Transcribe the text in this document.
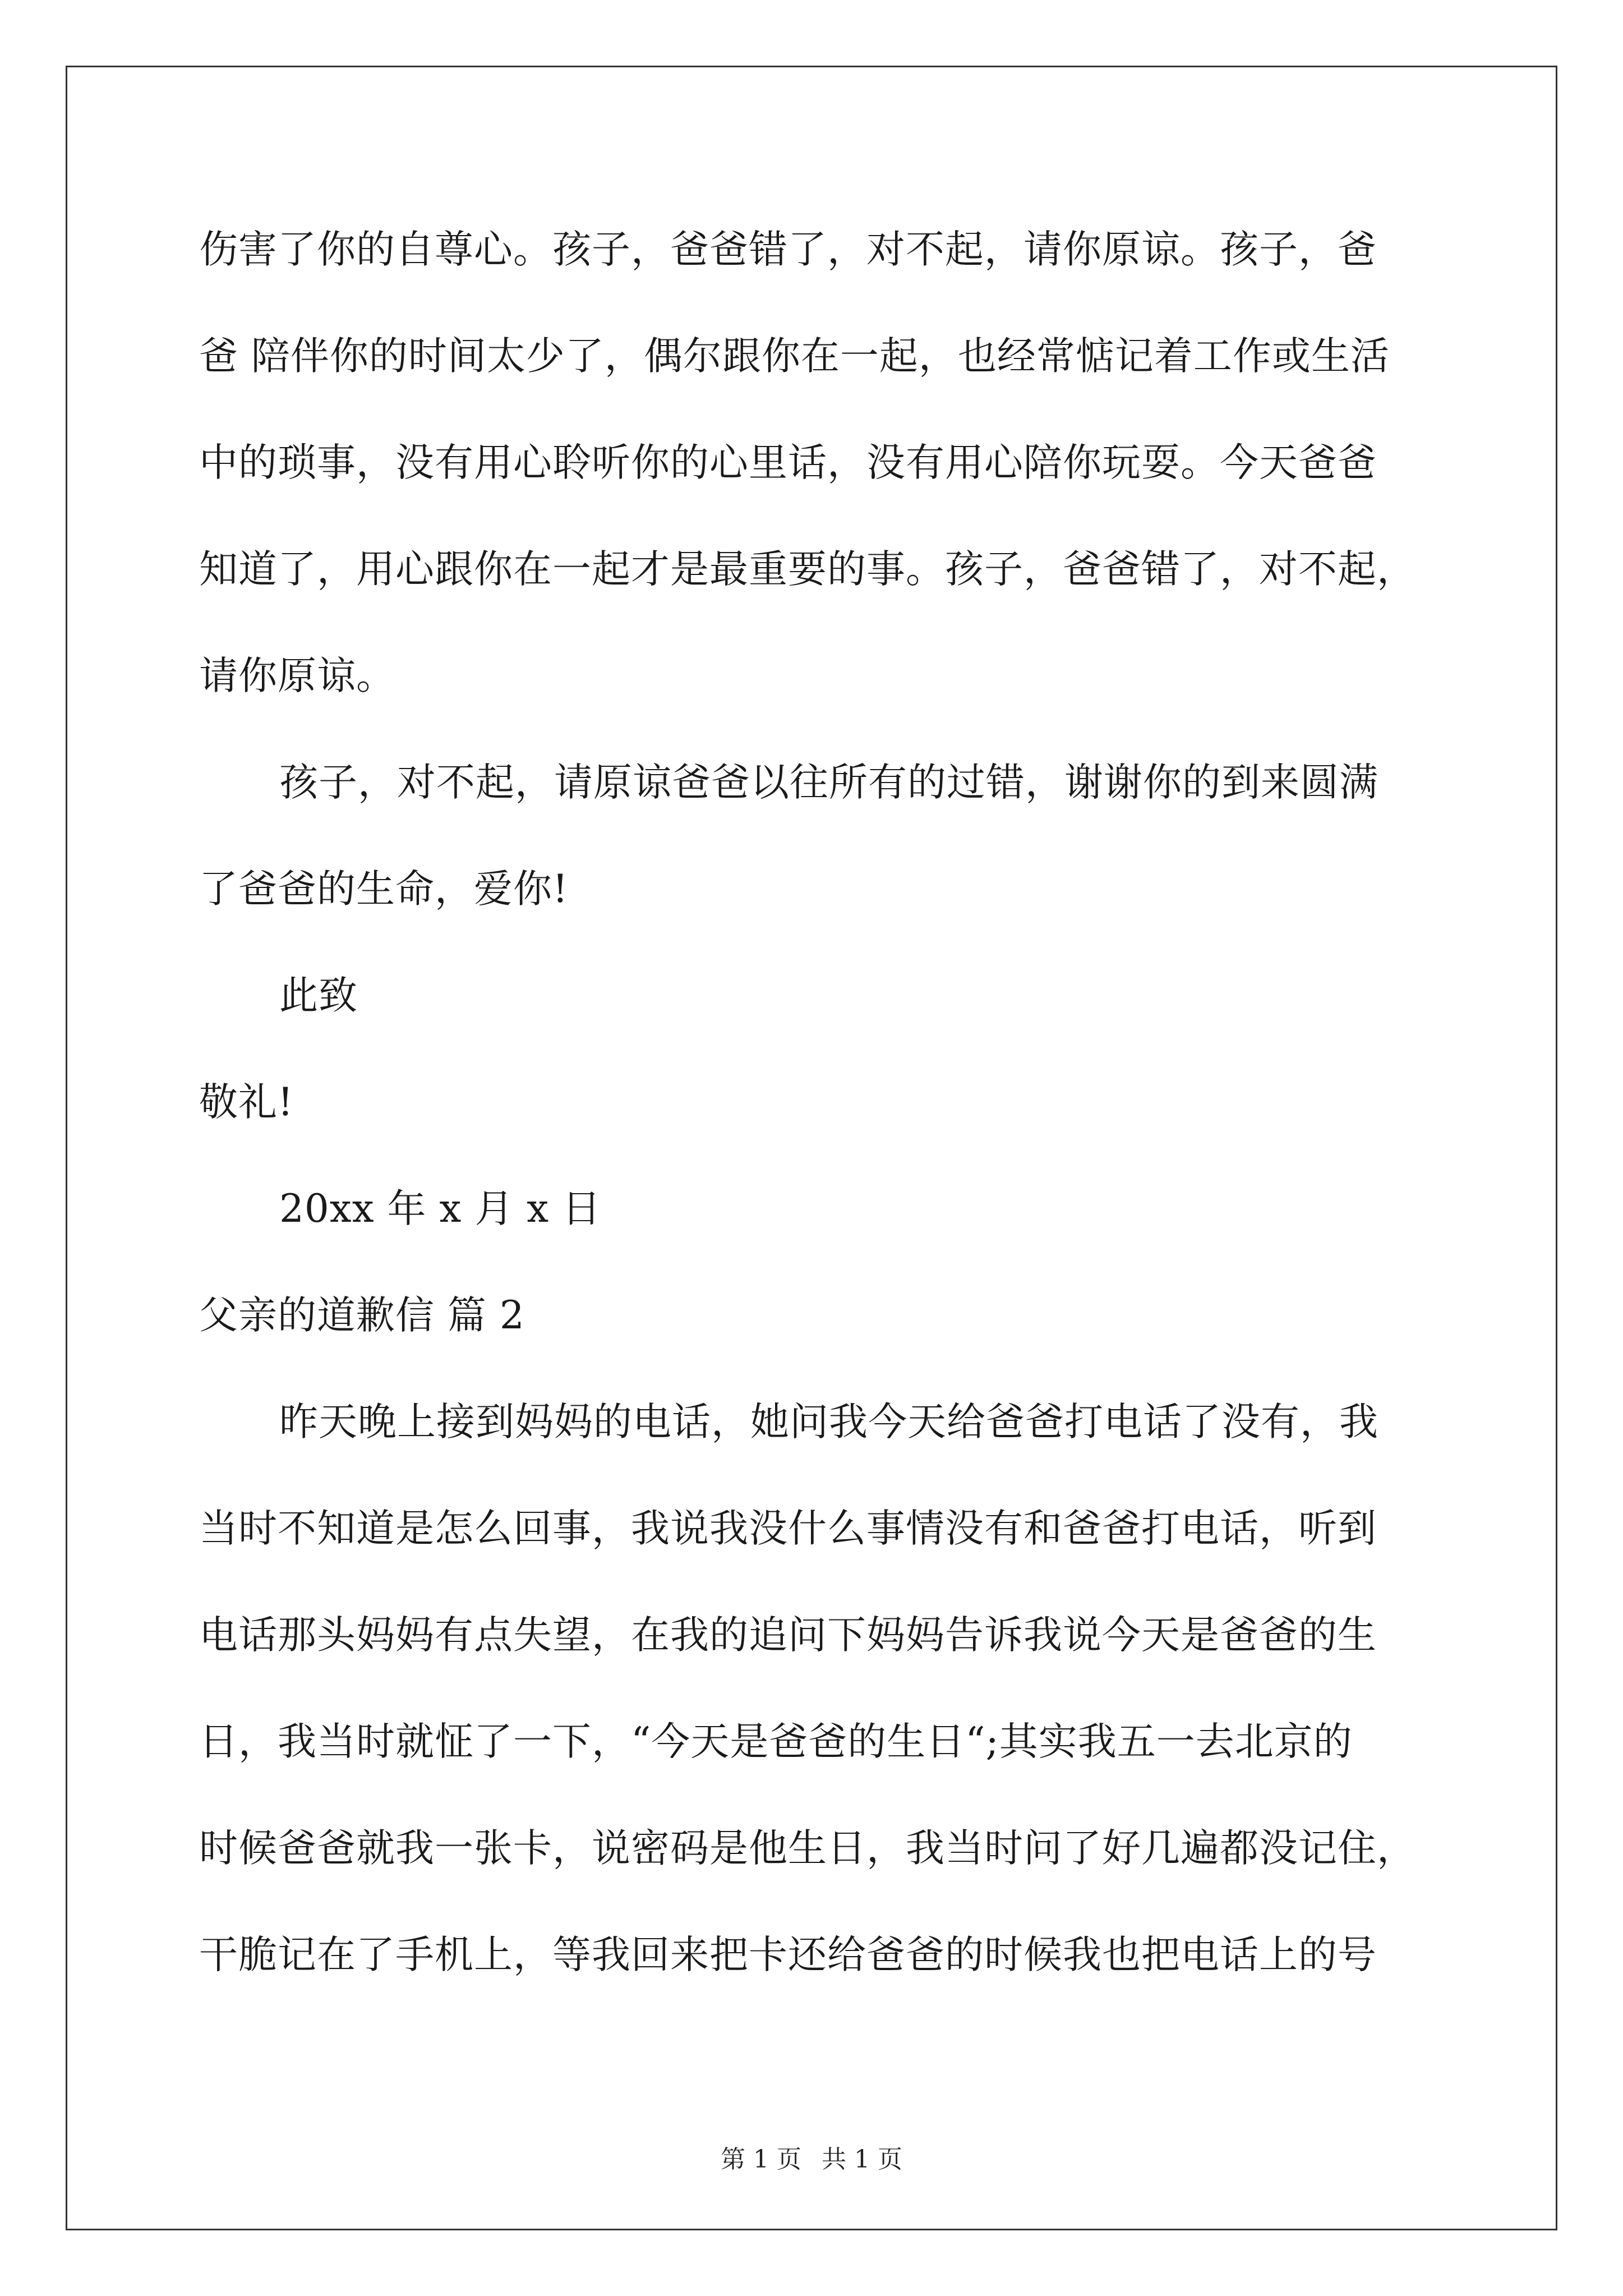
伤害了你的自尊心。孩子，爸爸错了，对不起，请你原谅。孩子，爸
爸 陪伴你的时间太少了，偶尔跟你在一起，也经常惦记着工作或生活
中的琐事，没有用心聆听你的心里话，没有用心陪你玩耍。今天爸爸
知道了，用心跟你在一起才是最重要的事。孩子，爸爸错了，对不起，
请你原谅。
孩子，对不起，请原谅爸爸以往所有的过错，谢谢你的到来圆满
了爸爸的生命，爱你!
此致
敬礼!
20xx 年 x 月 x 日
父亲的道歉信 篇 2
昨天晚上接到妈妈的电话，她问我今天给爸爸打电话了没有，我
当时不知道是怎么回事，我说我没什么事情没有和爸爸打电话，听到
电话那头妈妈有点失望，在我的追问下妈妈告诉我说今天是爸爸的生
日，我当时就怔了一下，“今天是爸爸的生日“;其实我五一去北京的
时候爸爸就我一张卡，说密码是他生日，我当时问了好几遍都没记住，
干脆记在了手机上，等我回来把卡还给爸爸的时候我也把电话上的号
第 1 页 共 1 页
